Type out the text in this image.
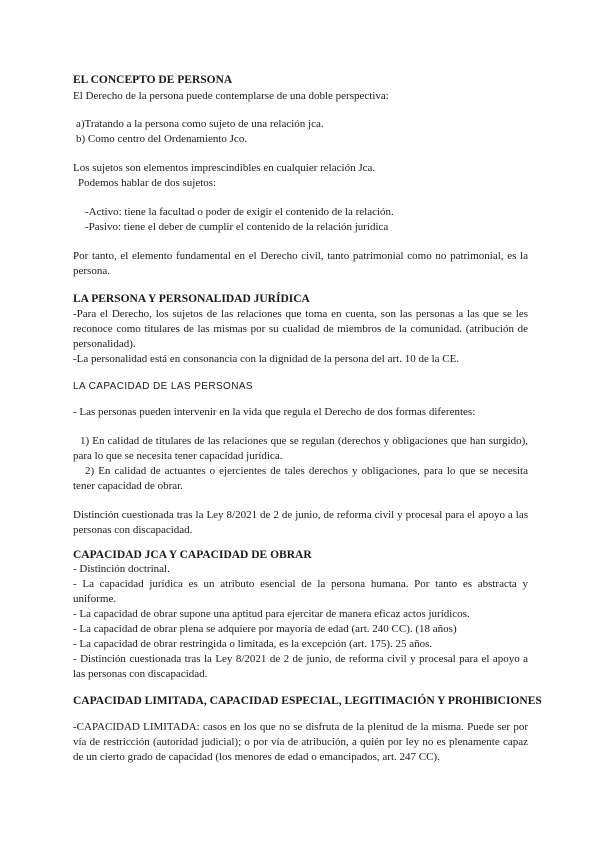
EL CONCEPTO DE PERSONA
El Derecho de la persona puede contemplarse de una doble perspectiva:
a)Tratando a la persona como sujeto de una relación jca.
b) Como centro del Ordenamiento Jco.
Los sujetos son elementos imprescindibles en cualquier relación Jca.
Podemos hablar de dos sujetos:
-Activo: tiene la facultad o poder de exigir el contenido de la relación.
-Pasivo: tiene el deber de cumplir el contenido de la relación jurídica
Por tanto, el elemento fundamental en el Derecho civil, tanto patrimonial como no patrimonial, es la
persona.
LA PERSONA Y PERSONALIDAD JURÍDICA
-Para el Derecho, los sujetos de las relaciones que toma en cuenta, son las personas a las que se les
reconoce como titulares de las mismas por su cualidad de miembros de la comunidad. (atribución de
personalidad).
-La personalidad está en consonancia con la dignidad de la persona del art. 10 de la CE.
LA CAPACIDAD DE LAS PERSONAS
- Las personas pueden intervenir en la vida que regula el Derecho de dos formas diferentes:
1) En calidad de titulares de las relaciones que se regulan (derechos y obligaciones que han surgido),
para lo que se necesita tener capacidad jurídica.
2) En calidad de actuantes o ejercientes de tales derechos y obligaciones, para lo que se necesita
tener capacidad de obrar.
Distinción cuestionada tras la Ley 8/2021 de 2 de junio, de reforma civil y procesal para el apoyo a las
personas con discapacidad.
CAPACIDAD JCA Y CAPACIDAD DE OBRAR
- Distinción doctrinal.
- La capacidad jurídica es un atributo esencial de la persona humana. Por tanto es abstracta y
uniforme.
- La capacidad de obrar supone una aptitud para ejercitar de manera eficaz actos jurídicos.
- La capacidad de obrar plena se adquiere por mayoría de edad (art. 240 CC). (18 años)
- La capacidad de obrar restringida o limitada, es la excepción (art. 175). 25 años.
- Distinción cuestionada tras la Ley 8/2021 de 2 de junio, de reforma civil y procesal para el apoyo a
las personas con discapacidad.
CAPACIDAD LIMITADA, CAPACIDAD ESPECIAL, LEGITIMACIÓN Y PROHIBICIONES
-CAPACIDAD LIMITADA: casos en los que no se disfruta de la plenitud de la misma. Puede ser por
vía de restricción (autoridad judicial); o por vía de atribución, a quién por ley no es plenamente capaz
de un cierto grado de capacidad (los menores de edad o emancipados, art. 247 CC).
